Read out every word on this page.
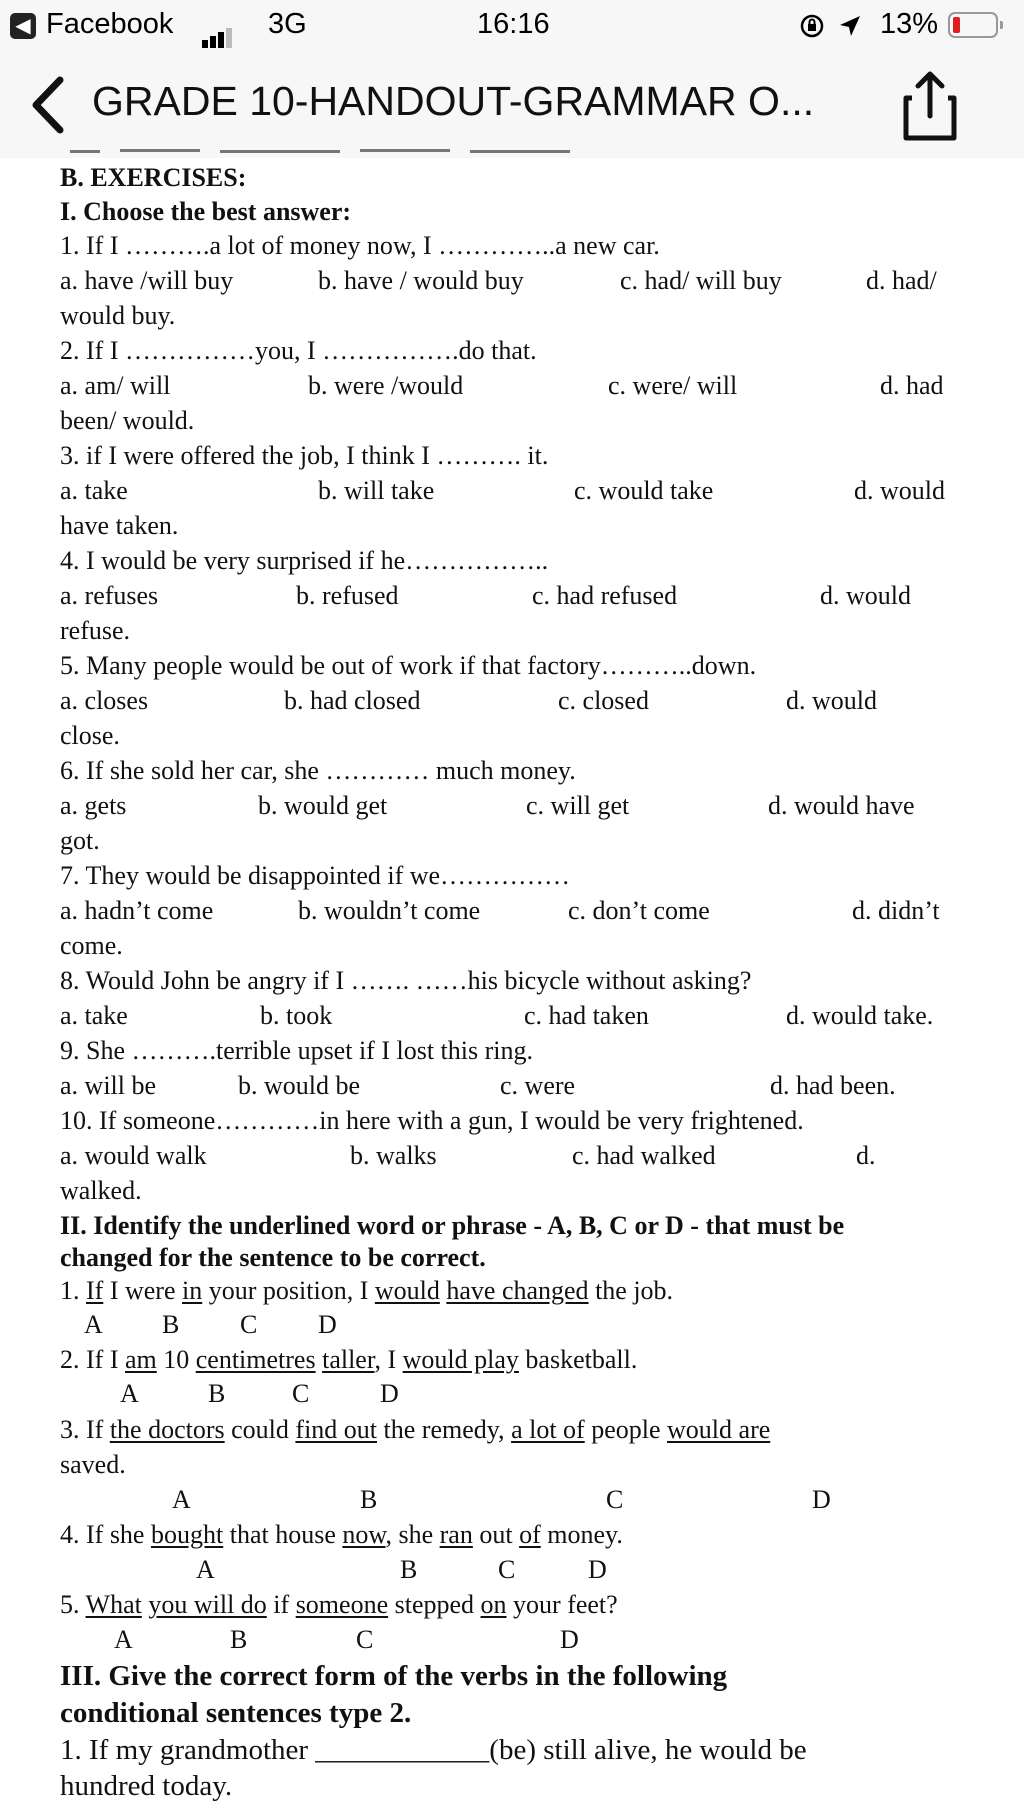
◀ Facebook	3G	16:16	13%
GRADE 10-HANDOUT-GRAMMAR O...
B. EXERCISES:
I. Choose the best answer:
1. If I ……….a lot of money now, I …………..a new car.
a. have /will buy	b. have / would buy	c. had/ will buy	d. had/
would buy.
2. If I ……………you, I …………….do that.
a. am/ will	b. were /would	c. were/ will	d. had
been/ would.
3. if I were offered the job, I think I ………. it.
a. take	b. will take	c. would take	d. would
have taken.
4. I would be very surprised if he……………..
a. refuses	b. refused	c. had refused	d. would
refuse.
5. Many people would be out of work if that factory………..down.
a. closes	b. had closed	c. closed	d. would
close.
6. If she sold her car, she ………… much money.
a. gets	b. would get	c. will get	d. would have
got.
7. They would be disappointed if we……………
a. hadn’t come	b. wouldn’t come	c. don’t come	d. didn’t
come.
8. Would John be angry if I ……. ……his bicycle without asking?
a. take	b. took	c. had taken	d. would take.
9. She ……….terrible upset if I lost this ring.
a. will be	b. would be	c. were	d. had been.
10. If someone…………in here with a gun, I would be very frightened.
a. would walk	b. walks	c. had walked	d.
walked.
II. Identify the underlined word or phrase - A, B, C or D - that must be
changed for the sentence to be correct.
1. If I were in your position, I would have changed the job.
A B C D
2. If I am 10 centimetres taller, I would play basketball.
A	B	C	D
3. If the doctors could find out the remedy, a lot of people would are
saved.
A	B	C	D
4. If she bought that house now, she ran out of money.
A	B	C	D
5. What you will do if someone stepped on your feet?
A	B	C	D
III. Give the correct form of the verbs in the following
conditional sentences type 2.
1. If my grandmother ____________(be) still alive, he would be
hundred today.
